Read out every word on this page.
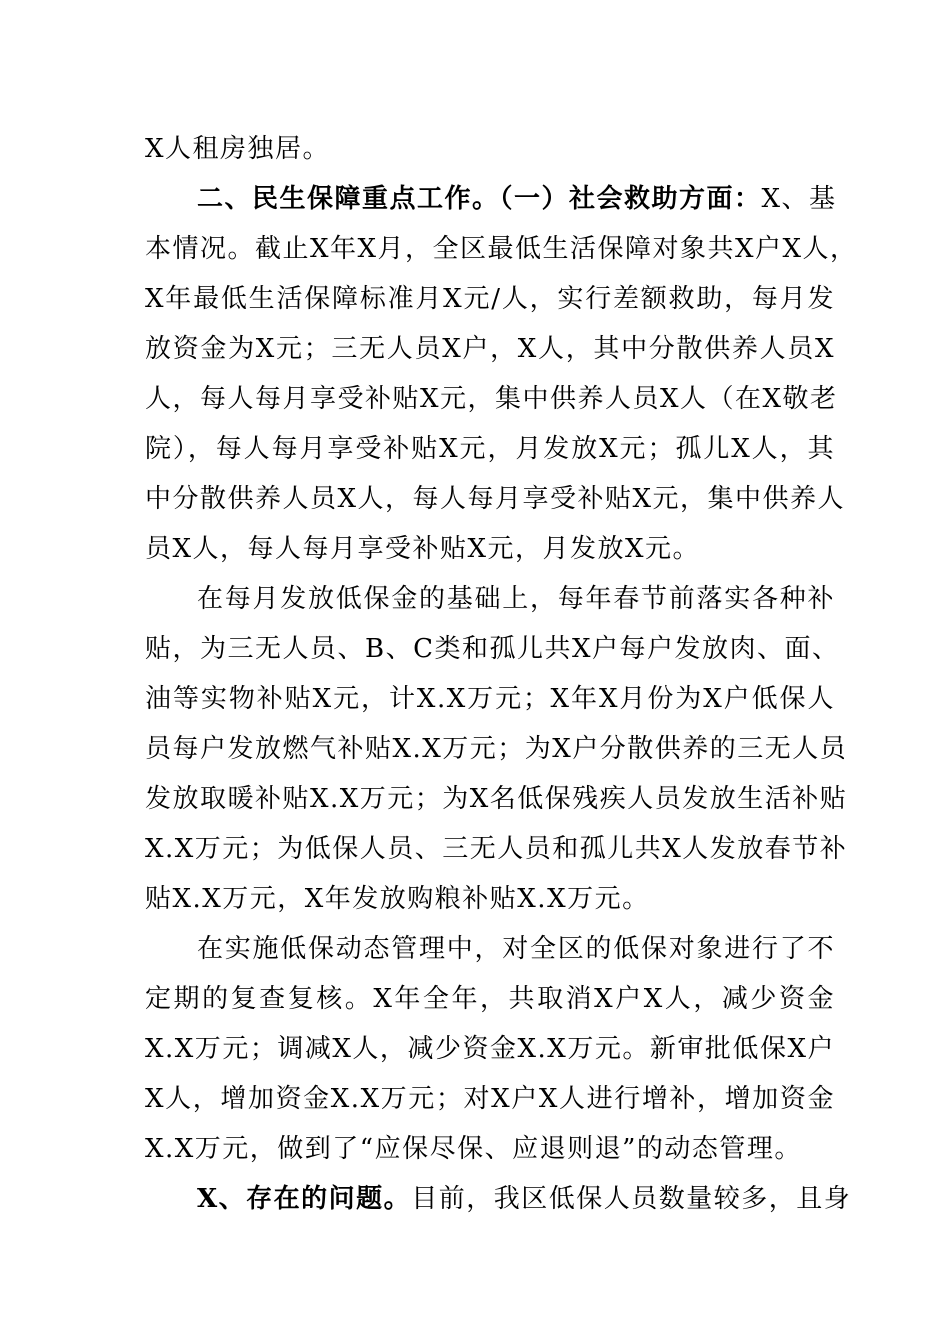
X人租房独居。
二、民生保障重点工作。（一）社会救助方面：X、基
本情况。截止X年X月，全区最低生活保障对象共X户X人，
X年最低生活保障标准月X元/人，实行差额救助，每月发
放资金为X元；三无人员X户，X人，其中分散供养人员X
人，每人每月享受补贴X元，集中供养人员X人（在X敬老
院），每人每月享受补贴X元，月发放X元；孤儿X人，其
中分散供养人员X人，每人每月享受补贴X元，集中供养人
员X人，每人每月享受补贴X元，月发放X元。
在每月发放低保金的基础上，每年春节前落实各种补
贴，为三无人员、B、C类和孤儿共X户每户发放肉、面、
油等实物补贴X元，计X.X万元；X年X月份为X户低保人
员每户发放燃气补贴X.X万元；为X户分散供养的三无人员
发放取暖补贴X.X万元；为X名低保残疾人员发放生活补贴
X.X万元；为低保人员、三无人员和孤儿共X人发放春节补
贴X.X万元，X年发放购粮补贴X.X万元。
在实施低保动态管理中，对全区的低保对象进行了不
定期的复查复核。X年全年，共取消X户X人，减少资金
X.X万元；调减X人，减少资金X.X万元。新审批低保X户
X人，增加资金X.X万元；对X户X人进行增补，增加资金
X.X万元，做到了“应保尽保、应退则退”的动态管理。
X、存在的问题。目前，我区低保人员数量较多，且身
